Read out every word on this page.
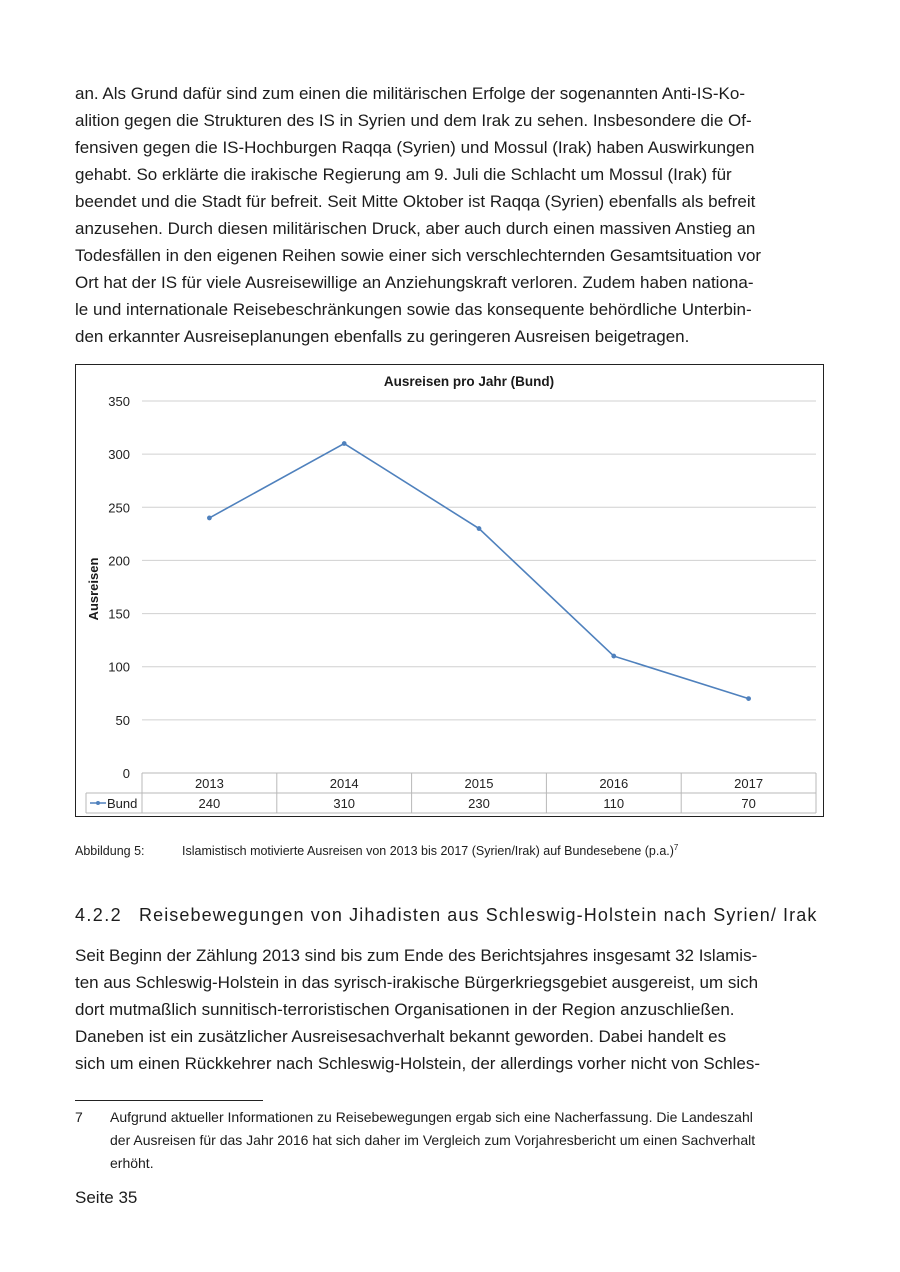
an. Als Grund dafür sind zum einen die militärischen Erfolge der sogenannten Anti-IS-Ko-
alition gegen die Strukturen des IS in Syrien und dem Irak zu sehen. Insbesondere die Of-
fensiven gegen die IS-Hochburgen Raqqa (Syrien) und Mossul (Irak) haben Auswirkungen
gehabt. So erklärte die irakische Regierung am 9. Juli die Schlacht um Mossul (Irak) für
beendet und die Stadt für befreit. Seit Mitte Oktober ist Raqqa (Syrien) ebenfalls als befreit
anzusehen. Durch diesen militärischen Druck, aber auch durch einen massiven Anstieg an
Todesfällen in den eigenen Reihen sowie einer sich verschlechternden Gesamtsituation vor
Ort hat der IS für viele Ausreisewillige an Anziehungskraft verloren. Zudem haben nationa-
le und internationale Reisebeschränkungen sowie das konsequente behördliche Unterbin-
den erkannter Ausreiseplanungen ebenfalls zu geringeren Ausreisen beigetragen.
Ausreisen pro Jahr (Bund)
0
50
100
150
200
250
300
350
Ausreisen
2013	2014	2015	2016	2017
Bund	240	310	230	110	70
Abbildung 5:	Islamistisch motivierte Ausreisen von 2013 bis 2017 (Syrien/Irak) auf Bundesebene $(p.a.)^7$
4.2.2 Reisebewegungen von Jihadisten aus Schleswig-Holstein nach Syrien/ Irak
Seit Beginn der Zählung 2013 sind bis zum Ende des Berichtsjahres insgesamt 32 Islamis-
ten aus Schleswig-Holstein in das syrisch-irakische Bürgerkriegsgebiet ausgereist, um sich
dort mutmaßlich sunnitisch-terroristischen Organisationen in der Region anzuschließen.
Daneben ist ein zusätzlicher Ausreisesachverhalt bekannt geworden. Dabei handelt es
sich um einen Rückkehrer nach Schleswig-Holstein, der allerdings vorher nicht von Schles-
7 Aufgrund aktueller Informationen zu Reisebewegungen ergab sich eine Nacherfassung. Die Landeszahl
der Ausreisen für das Jahr 2016 hat sich daher im Vergleich zum Vorjahresbericht um einen Sachverhalt
erhöht.
Seite 35
